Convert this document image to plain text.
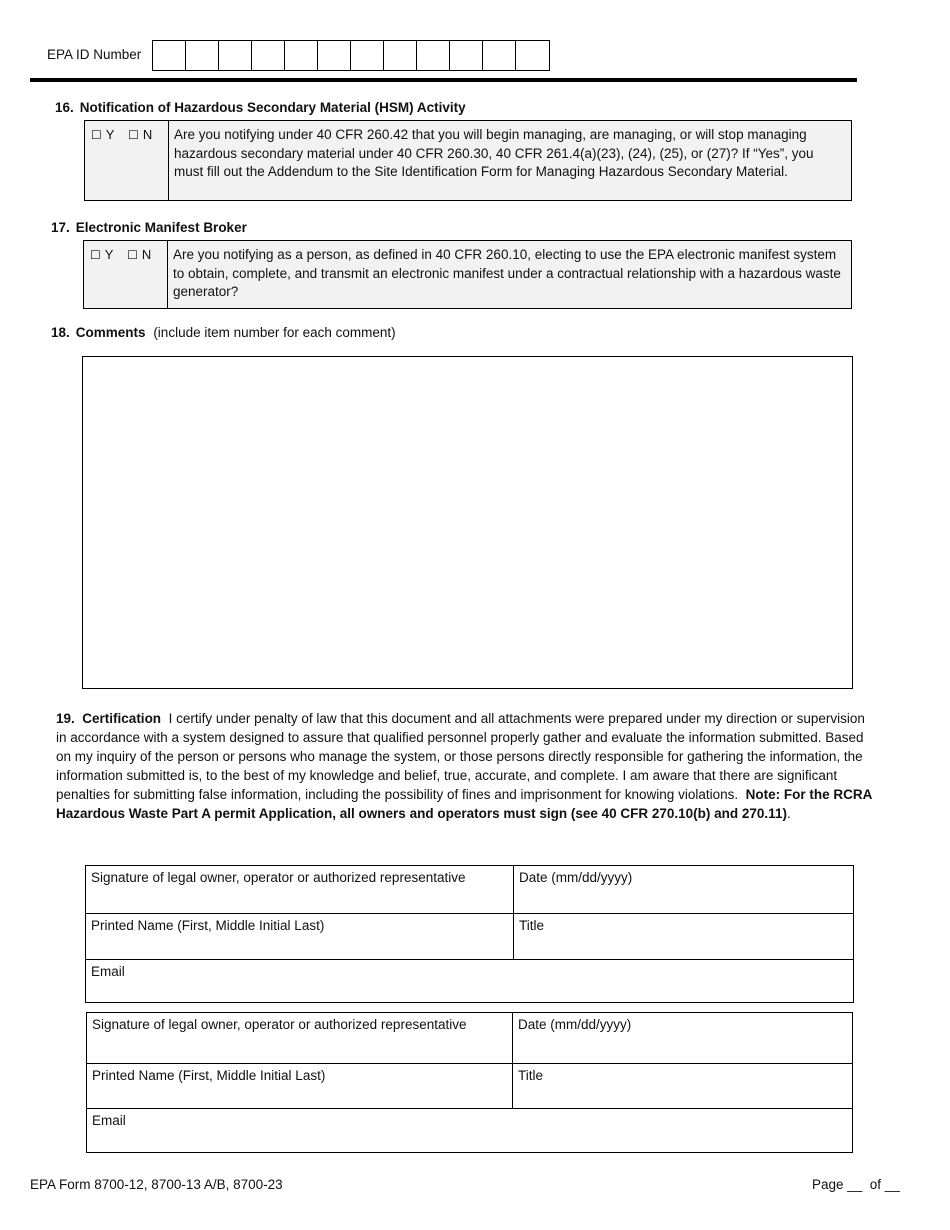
EPA ID Number
16. Notification of Hazardous Secondary Material (HSM) Activity
☐ Y ☐ N	Are you notifying under 40 CFR 260.42 that you will begin managing, are managing, or will stop managing hazardous secondary material under 40 CFR 260.30, 40 CFR 261.4(a)(23), (24), (25), or (27)? If “Yes”, you must fill out the Addendum to the Site Identification Form for Managing Hazardous Secondary Material.
17. Electronic Manifest Broker
☐ Y ☐ N	Are you notifying as a person, as defined in 40 CFR 260.10, electing to use the EPA electronic manifest system to obtain, complete, and transmit an electronic manifest under a contractual relationship with a hazardous waste generator?
18. Comments (include item number for each comment)
19. Certification I certify under penalty of law that this document and all attachments were prepared under my direction or supervision in accordance with a system designed to assure that qualified personnel properly gather and evaluate the information submitted. Based on my inquiry of the person or persons who manage the system, or those persons directly responsible for gathering the information, the information submitted is, to the best of my knowledge and belief, true, accurate, and complete. I am aware that there are significant penalties for submitting false information, including the possibility of fines and imprisonment for knowing violations. Note: For the RCRA Hazardous Waste Part A permit Application, all owners and operators must sign (see 40 CFR 270.10(b) and 270.11).
Signature of legal owner, operator or authorized representative	Date (mm/dd/yyyy)
Printed Name (First, Middle Initial Last)	Title
Email
Signature of legal owner, operator or authorized representative	Date (mm/dd/yyyy)
Printed Name (First, Middle Initial Last)	Title
Email
EPA Form 8700-12, 8700-13 A/B, 8700-23	Page __  of __
